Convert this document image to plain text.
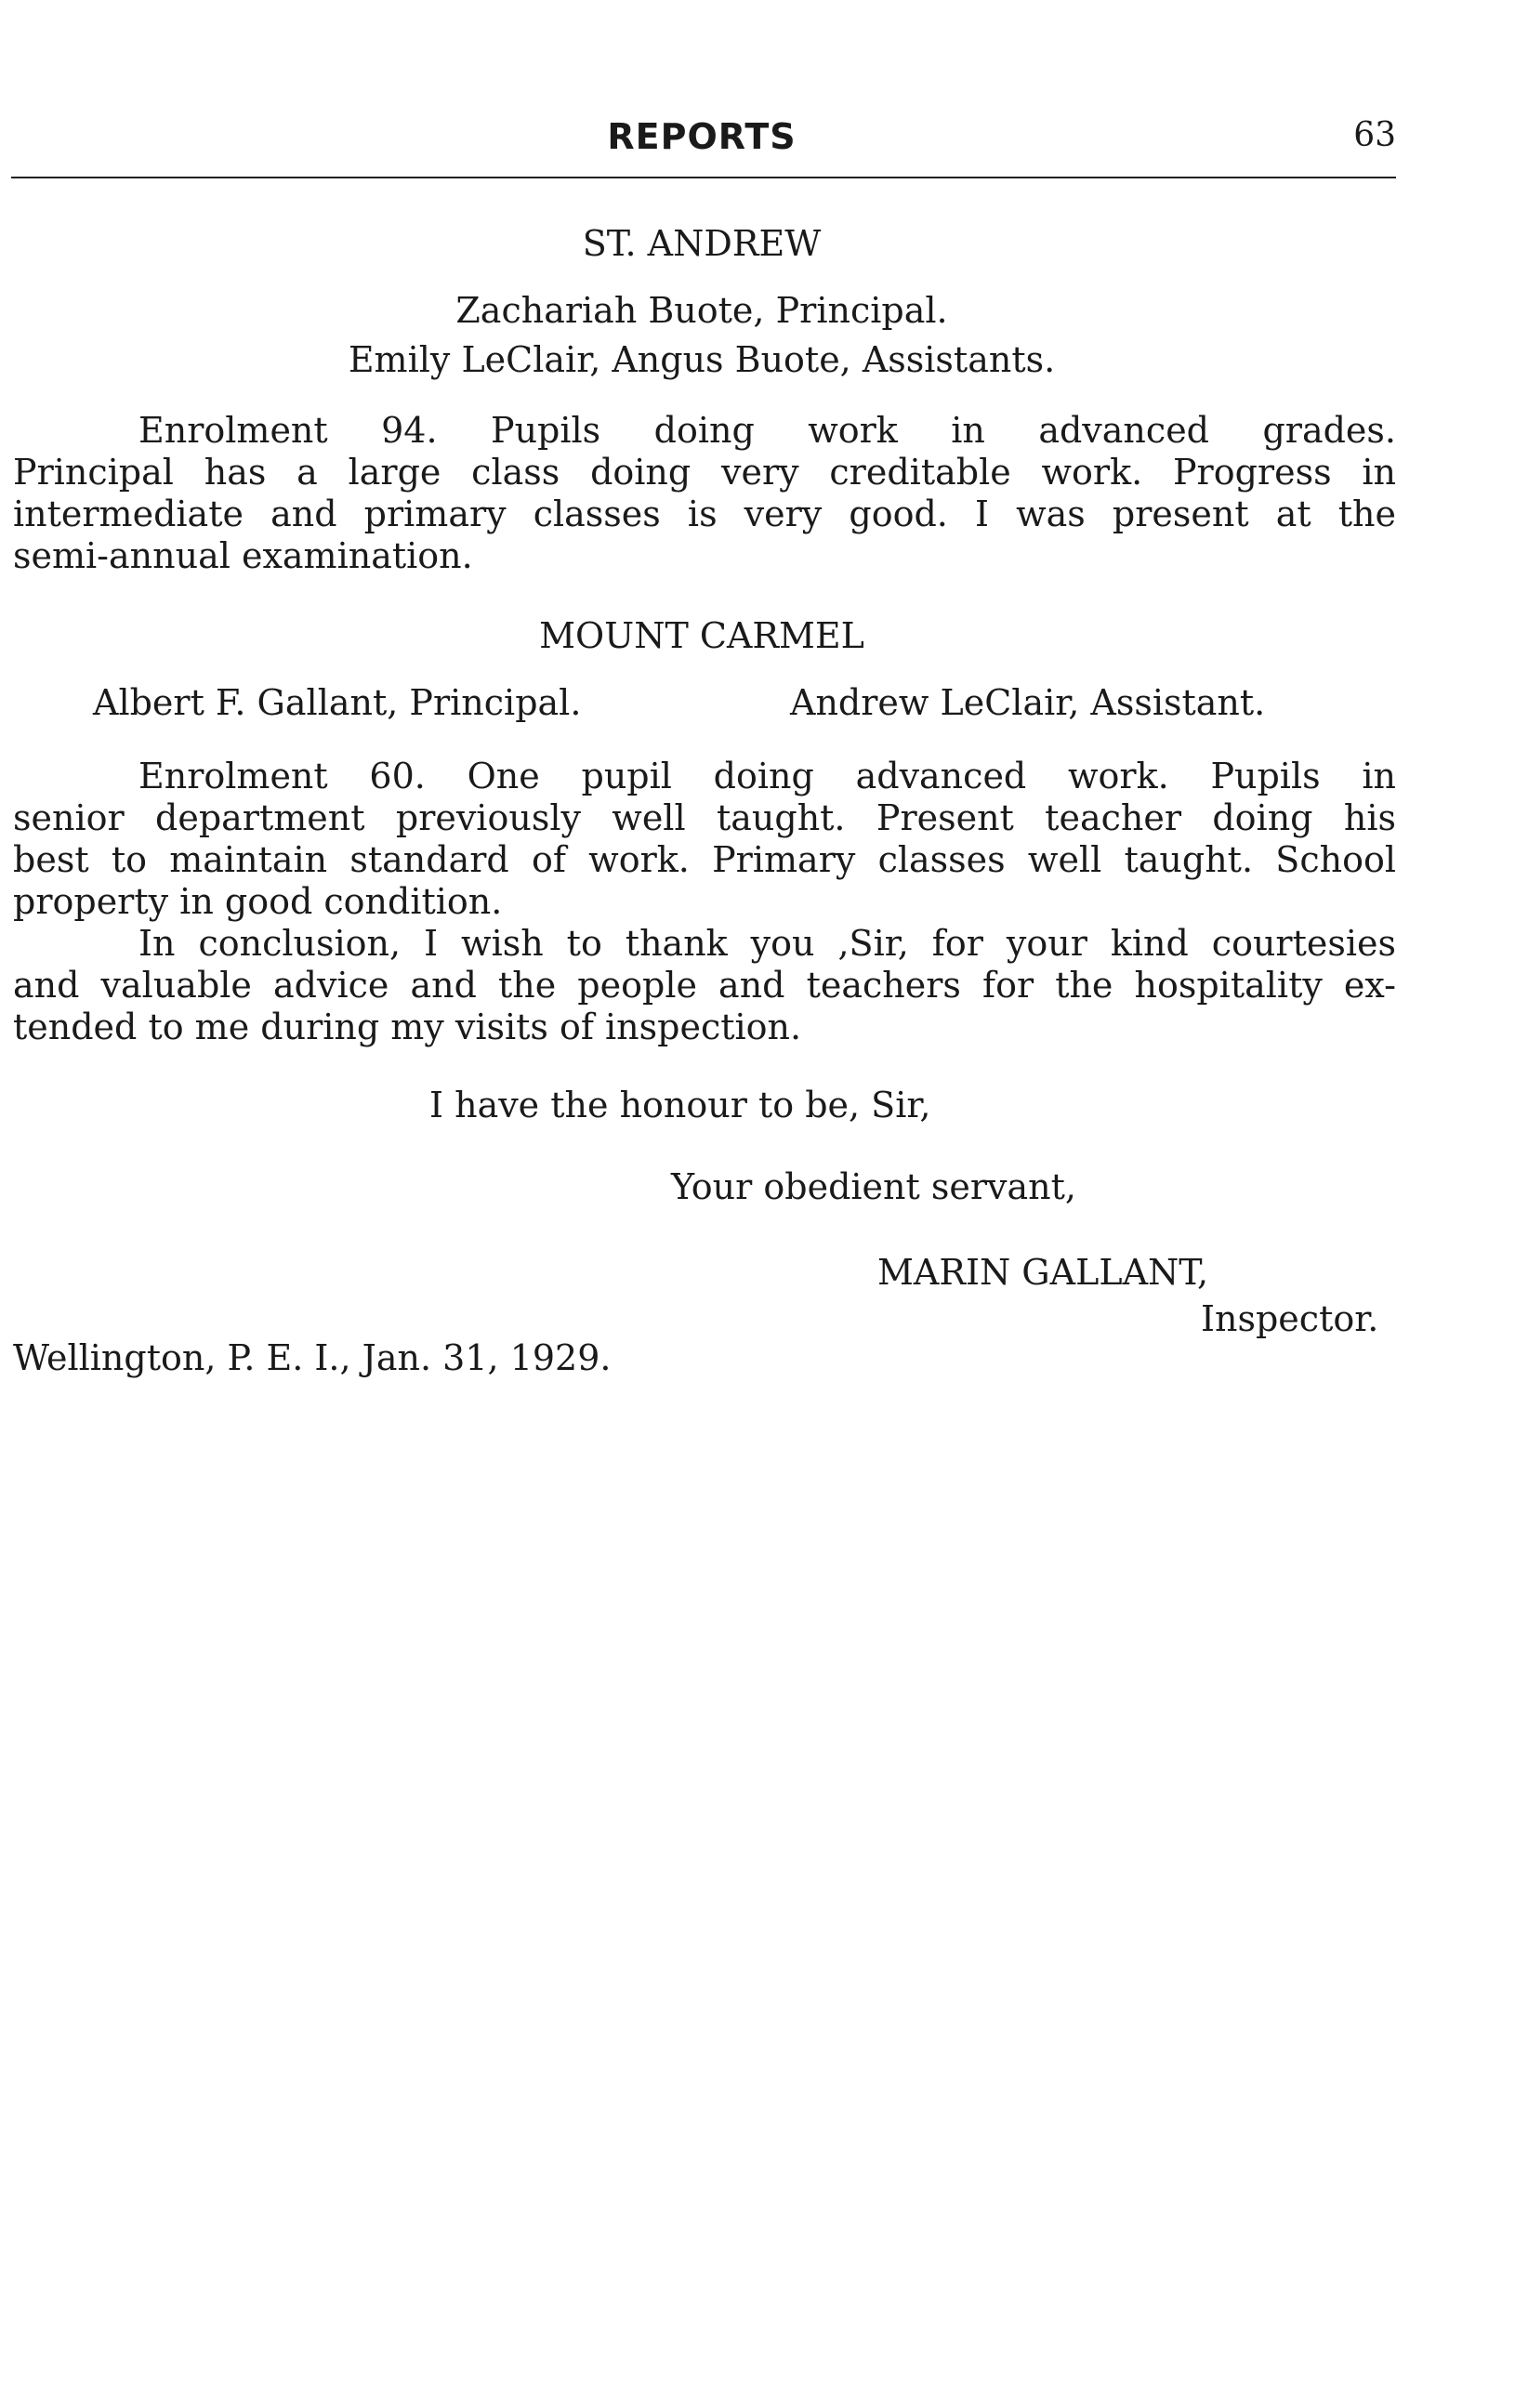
REPORTS	63
ST. ANDREW
Zachariah Buote, Principal.
Emily LeClair, Angus Buote, Assistants.
Enrolment 94. Pupils doing work in advanced grades.
Principal has a large class doing very creditable work. Progress in
intermediate and primary classes is very good. I was present at the
semi-annual examination.
MOUNT CARMEL
Albert F. Gallant, Principal.	Andrew LeClair, Assistant.
Enrolment 60. One pupil doing advanced work. Pupils in
senior department previously well taught. Present teacher doing his
best to maintain standard of work. Primary classes well taught. School
property in good condition.
In conclusion, I wish to thank you ,Sir, for your kind courtesies
and valuable advice and the people and teachers for the hospitality ex-
tended to me during my visits of inspection.
I have the honour to be, Sir,
Your obedient servant,
MARIN GALLANT,
Inspector.
Wellington, P. E. I., Jan. 31, 1929.
